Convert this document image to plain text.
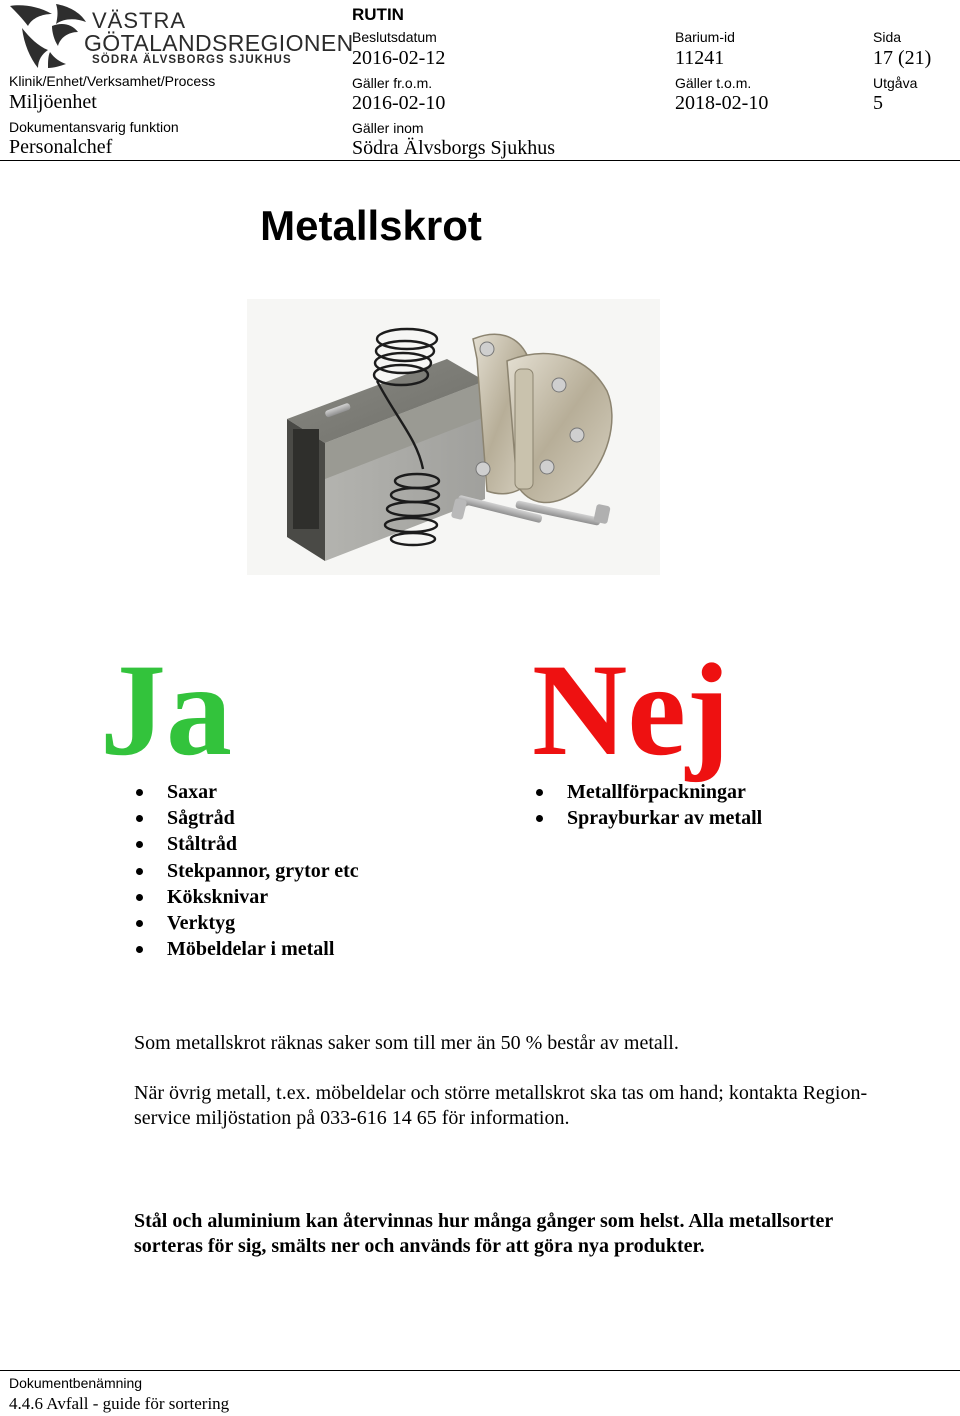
VÄSTRA
GÖTALANDSREGIONEN
SÖDRA ÄLVSBORGS SJUKHUS
RUTIN
Beslutsdatum
2016-02-12
Barium-id
11241
Sida
17 (21)
Klinik/Enhet/Verksamhet/Process
Miljöenhet
Gäller fr.o.m.
2016-02-10
Gäller t.o.m.
2018-02-10
Utgåva
5
Dokumentansvarig funktion
Personalchef
Gäller inom
Södra Älvsborgs Sjukhus
Metallskrot
Ja Nej
Saxar
Sågtråd
Ståltråd
Stekpannor, grytor etc
Köksknivar
Verktyg
Möbeldelar i metall
Metallförpackningar
Sprayburkar av metall
Som metallskrot räknas saker som till mer än 50 % består av metall.
När övrig metall, t.ex. möbeldelar och större metallskrot ska tas om hand; kontakta Region-
service miljöstation på 033-616 14 65 för information.
Stål och aluminium kan återvinnas hur många gånger som helst. Alla metallsorter
sorteras för sig, smälts ner och används för att göra nya produkter.
Dokumentbenämning
4.4.6 Avfall - guide för sortering
